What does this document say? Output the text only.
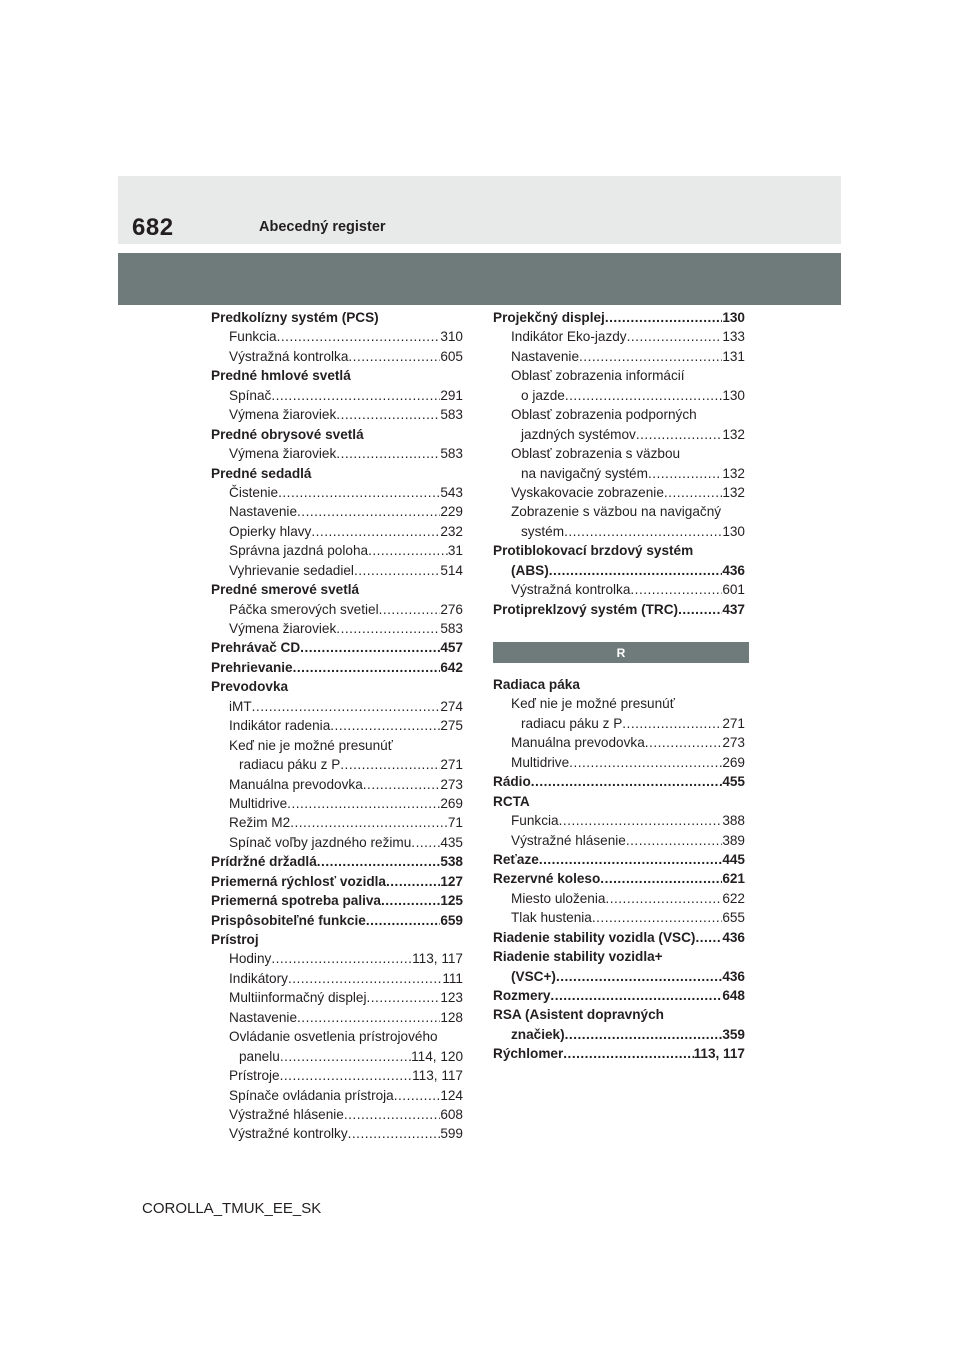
682	Abecedný register
Predkolízny systém (PCS)
Funkcia .....	310
Výstražná kontrolka .....	605
Predné hmlové svetlá
Spínač .....	291
Výmena žiaroviek .....	583
Predné obrysové svetlá
Výmena žiaroviek .....	583
Predné sedadlá
Čistenie .....	543
Nastavenie .....	229
Opierky hlavy .....	232
Správna jazdná poloha .....	31
Vyhrievanie sedadiel .....	514
Predné smerové svetlá
Páčka smerových svetiel .....	276
Výmena žiaroviek .....	583
Prehrávač CD .....	457
Prehrievanie .....	642
Prevodovka
iMT .....	274
Indikátor radenia .....	275
Keď nie je možné presunúť
radiacu páku z P .....	271
Manuálna prevodovka .....	273
Multidrive .....	269
Režim M2 .....	71
Spínač voľby jazdného režimu ..... 435
Prídržné držadlá .....	538
Priemerná rýchlosť vozidla .....	127
Priemerná spotreba paliva .....	125
Prispôsobiteľné funkcie .....	659
Prístroj
Hodiny .....	113, 117
Indikátory .....	111
Multiinformačný displej .....	123
Nastavenie .....	128
Ovládanie osvetlenia prístrojového
panelu .....	114, 120
Prístroje .....	113, 117
Spínače ovládania prístroja .....	124
Výstražné hlásenie .....	608
Výstražné kontrolky .....	599
Projekčný displej .....	130
Indikátor Eko-jazdy .....	133
Nastavenie .....	131
Oblasť zobrazenia informácií
o jazde .....	130
Oblasť zobrazenia podporných
jazdných systémov .....	132
Oblasť zobrazenia s väzbou
na navigačný systém .....	132
Vyskakovacie zobrazenie .....	132
Zobrazenie s väzbou na navigačný
systém .....	130
Protiblokovací brzdový systém
(ABS) .....	436
Výstražná kontrolka .....	601
Protipreklzový systém (TRC) .....	437
R
Radiaca páka
Keď nie je možné presunúť
radiacu páku z P .....	271
Manuálna prevodovka .....	273
Multidrive .....	269
Rádio .....	455
RCTA
Funkcia .....	388
Výstražné hlásenie .....	389
Reťaze .....	445
Rezervné koleso .....	621
Miesto uloženia .....	622
Tlak hustenia .....	655
Riadenie stability vozidla (VSC) ..... 436
Riadenie stability vozidla+
(VSC+) .....	436
Rozmery .....	648
RSA (Asistent dopravných
značiek) .....	359
Rýchlomer .....	113, 117
COROLLA_TMUK_EE_SK
